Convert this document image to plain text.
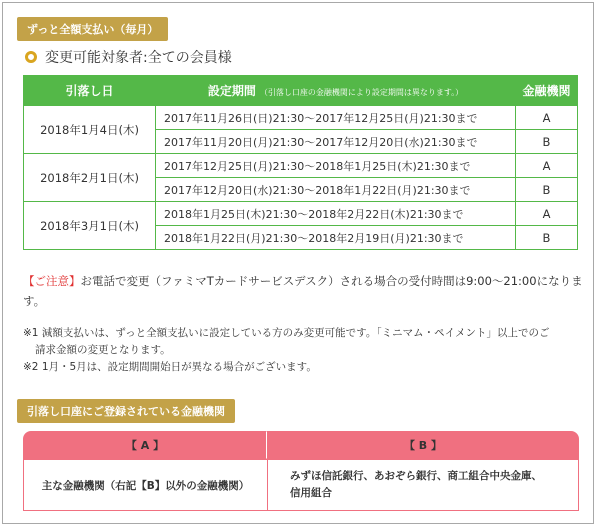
ずっと全額支払い（毎月）
変更可能対象者:全ての会員様
引落し日	設定期間 （引落し口座の金融機関により設定期間は異なります。）	金融機関
2018年1月4日(木)	2017年11月26日(日)21:30〜2017年12月25日(月)21:30まで	A
	2017年11月20日(月)21:30〜2017年12月20日(水)21:30まで	B
2018年2月1日(木)	2017年12月25日(月)21:30〜2018年1月25日(木)21:30まで	A
	2017年12月20日(水)21:30〜2018年1月22日(月)21:30まで	B
2018年3月1日(木)	2018年1月25日(木)21:30〜2018年2月22日(木)21:30まで	A
	2018年1月22日(月)21:30〜2018年2月19日(月)21:30まで	B

【ご注意】お電話で変更（ファミマTカードサービスデスク）される場合の受付時間は9:00〜21:00になります。

※1 減額支払いは、ずっと全額支払いに設定している方のみ変更可能です。「ミニマム・ペイメント」以上でのご
請求金額の変更となります。
※2 1月・5月は、設定期間開始日が異なる場合がございます。
引落し口座にご登録されている金融機関
【 A 】	【 B 】
主な金融機関（右記【B】以外の金融機関）	みずほ信託銀行、あおぞら銀行、商工組合中央金庫、
信用組合
